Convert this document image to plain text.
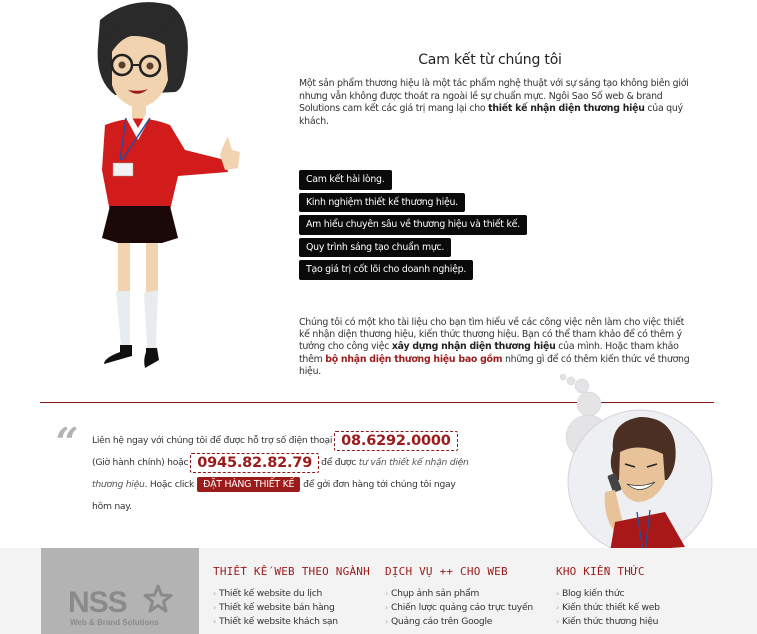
Cam kết từ chúng tôi

Một sản phẩm thương hiệu là một tác phẩm nghệ thuật với sự sáng tạo không biên giới nhưng vẫn không được thoát ra ngoài lề sự chuẩn mực. Ngôi Sao Số web & brand Solutions cam kết các giá trị mang lại cho thiết kế nhận diện thương hiệu của quý khách.

Cam kết hài lòng.
Kinh nghiệm thiết kế thương hiệu.
Am hiểu chuyên sâu về thương hiệu và thiết kế.
Quy trình sáng tạo chuẩn mực.
Tạo giá trị cốt lõi cho doanh nghiệp.

Chúng tôi có một kho tài liệu cho bạn tìm hiểu về các công việc nên làm cho việc thiết kế nhận diện thương hiệu, kiến thức thương hiệu. Bạn có thể tham khảo để có thêm ý tưởng cho công việc xây dựng nhận diện thương hiệu của mình. Hoặc tham khảo thêm bộ nhận diện thương hiệu bao gồm những gì để có thêm kiến thức về thương hiệu.

“ Liên hệ ngay với chúng tôi để được hỗ trợ số điện thoại 08.6292.0000(Giờ hành chính) hoặc 0945.82.82.79 để được tư vấn thiết kế nhận diện thương hiệu. Hoặc click ĐẶT HÀNG THIẾT KẾ để gởi đơn hàng tới chúng tôi ngay hôm nay.

NSS
Web & Brand Solutions
THIẾT KẾ WEB THEO NGÀNH
› Thiết kế website du lịch
› Thiết kế website bán hàng
› Thiết kế website khách sạn
DỊCH VỤ ++ CHO WEB
› Chụp ảnh sản phẩm
› Chiến lược quảng cáo trực tuyến
› Quảng cáo trên Google
KHO KIẾN THỨC
› Blog kiến thức
› Kiến thức thiết kế web
› Kiến thức thương hiệu
